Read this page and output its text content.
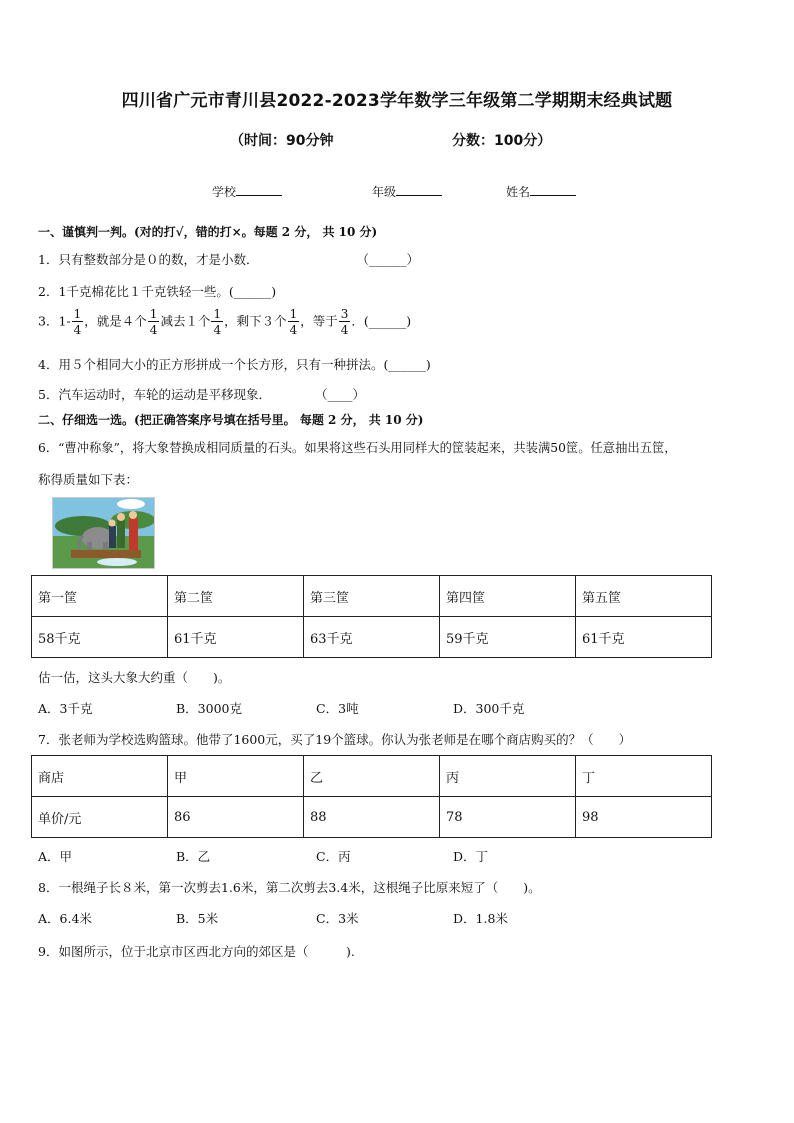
四川省广元市青川县2022-2023学年数学三年级第二学期期末经典试题
（时间：90分钟	分数：100分）
学校	年级	姓名
一、谨慎判一判。(对的打√，错的打×。每题 2 分， 共 10 分)
1．只有整数部分是０的数，才是小数．	（______）
2．1千克棉花比１千克铁轻一些。(______)
3．$1- \frac{1}{4}$ ，就是４个 $\frac{1}{4}$ 减去１个 $\frac{1}{4}$ ，剩下３个 $\frac{1}{4}$ ，等于 $\frac{3}{4}$ ．(______)
4．用５个相同大小的正方形拼成一个长方形，只有一种拼法。(______)
5．汽车运动时，车轮的运动是平移现象．	（____）
二、仔细选一选。(把正确答案序号填在括号里。 每题 2 分， 共 10 分)
6．“曹冲称象”，将大象替换成相同质量的石头。如果将这些石头用同样大的筐装起来，共装满50筐。任意抽出五筐，
称得质量如下表：
第一筐	第二筐	第三筐	第四筐	第五筐
58千克	61千克	63千克	59千克	61千克
估一估，这头大象大约重（　　)。
A．3千克	B．3000克	C．3吨	D．300千克
7．张老师为学校选购篮球。他带了1600元，买了19个篮球。你认为张老师是在哪个商店购买的？（　　）
商店	甲	乙	丙	丁
单价/元	86	88	78	98
A．甲	B．乙	C．丙	D．丁
8．一根绳子长８米，第一次剪去1.6米，第二次剪去3.4米，这根绳子比原来短了（　　)。
A．6.4米	B．5米	C．3米	D．1.8米
9．如图所示，位于北京市区西北方向的郊区是（　　　).
